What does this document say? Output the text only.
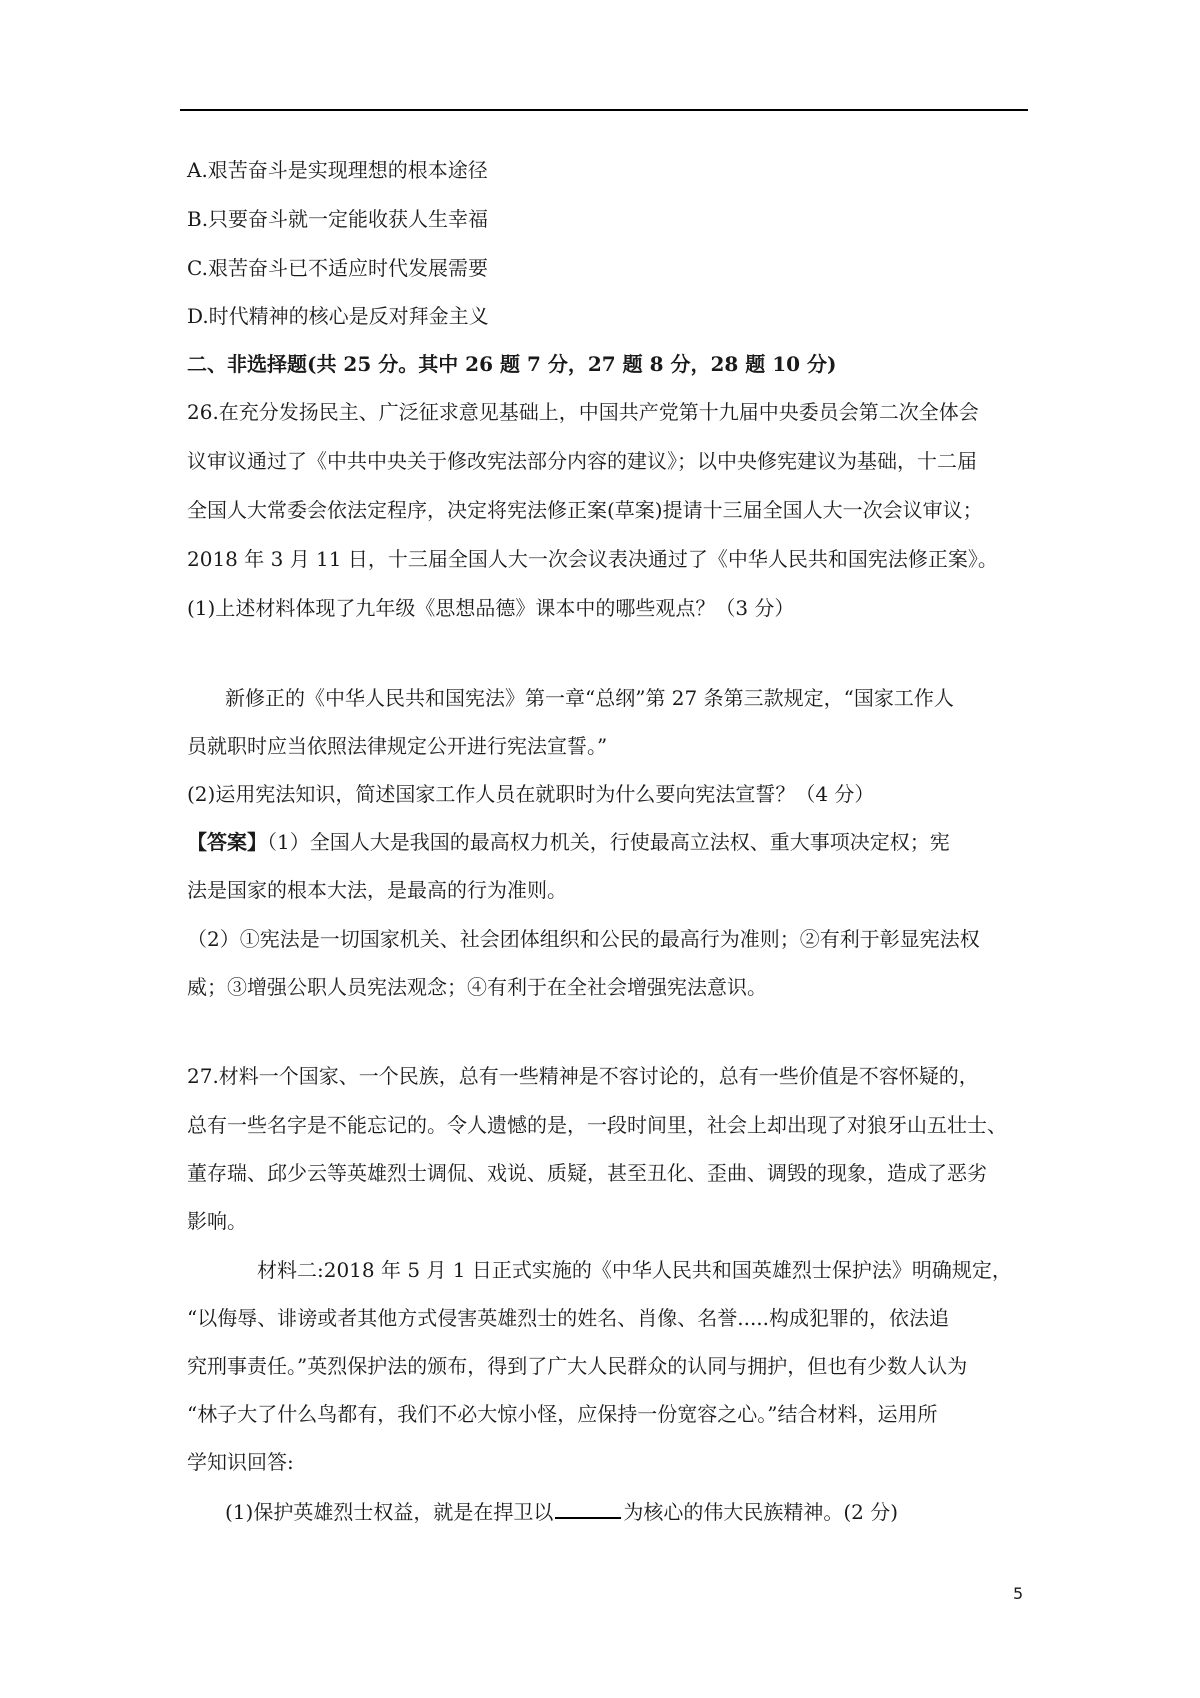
A.艰苦奋斗是实现理想的根本途径
B.只要奋斗就一定能收获人生幸福
C.艰苦奋斗已不适应时代发展需要
D.时代精神的核心是反对拜金主义
二、非选择题(共 25 分。其中 26 题 7 分，27 题 8 分，28 题 10 分)
26.在充分发扬民主、广泛征求意见基础上，中国共产党第十九届中央委员会第二次全体会
议审议通过了《中共中央关于修改宪法部分内容的建议》；以中央修宪建议为基础，十二届
全国人大常委会依法定程序，决定将宪法修正案(草案)提请十三届全国人大一次会议审议；
2018 年 3 月 11 日，十三届全国人大一次会议表决通过了《中华人民共和国宪法修正案》。
(1)上述材料体现了九年级《思想品德》课本中的哪些观点？（3 分）
新修正的《中华人民共和国宪法》第一章“总纲”第 27 条第三款规定，“国家工作人
员就职时应当依照法律规定公开进行宪法宣誓。”
(2)运用宪法知识，简述国家工作人员在就职时为什么要向宪法宣誓？（4 分）
【答案】（1）全国人大是我国的最高权力机关，行使最高立法权、重大事项决定权；宪
法是国家的根本大法，是最高的行为准则。
（2）①宪法是一切国家机关、社会团体组织和公民的最高行为准则；②有利于彰显宪法权
威；③增强公职人员宪法观念；④有利于在全社会增强宪法意识。
27.材料一个国家、一个民族，总有一些精神是不容讨论的，总有一些价值是不容怀疑的，
总有一些名字是不能忘记的。令人遗憾的是，一段时间里，社会上却出现了对狼牙山五壮士、
董存瑞、邱少云等英雄烈士调侃、戏说、质疑，甚至丑化、歪曲、调毁的现象，造成了恶劣
影响。
材料二:2018 年 5 月 1 日正式实施的《中华人民共和国英雄烈士保护法》明确规定，
“以侮辱、诽谤或者其他方式侵害英雄烈士的姓名、肖像、名誉.....构成犯罪的，依法追
究刑事责任。”英烈保护法的颁布，得到了广大人民群众的认同与拥护，但也有少数人认为
“林子大了什么鸟都有，我们不必大惊小怪，应保持一份宽容之心。”结合材料，运用所
学知识回答:
(1)保护英雄烈士权益，就是在捍卫以	为核心的伟大民族精神。(2 分)
5
